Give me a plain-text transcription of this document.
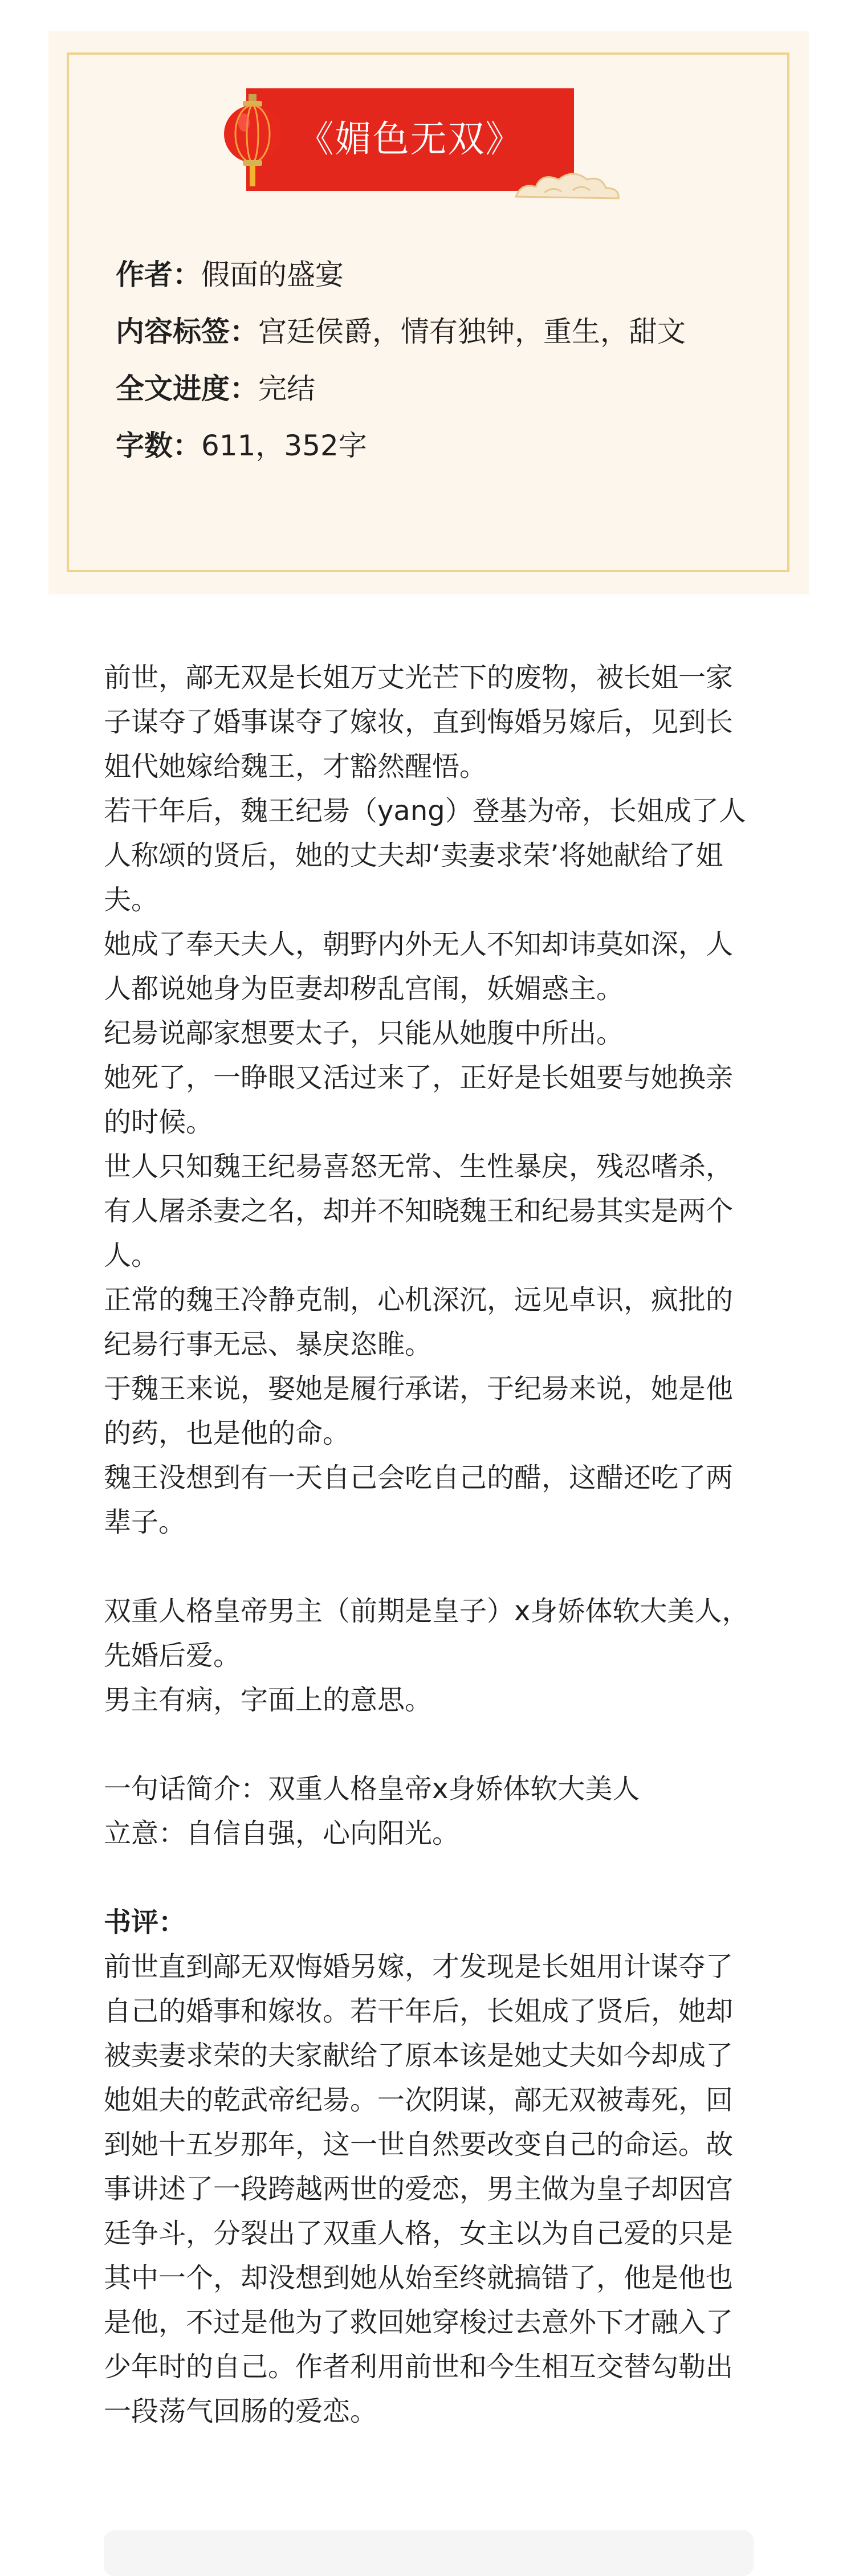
《媚色无双》
作者：假面的盛宴
内容标签：宫廷侯爵，情有独钟，重生，甜文
全文进度：完结
字数：611，352字

前世，鄗无双是长姐万丈光芒下的废物，被长姐一家子谋夺了婚事谋夺了嫁妆，直到悔婚另嫁后，见到长姐代她嫁给魏王，才豁然醒悟。

若干年后，魏王纪昜（yang）登基为帝，长姐成了人人称颂的贤后，她的丈夫却‘卖妻求荣’将她献给了姐夫。

她成了奉天夫人，朝野内外无人不知却讳莫如深，人人都说她身为臣妻却秽乱宫闱，妖媚惑主。

纪昜说鄗家想要太子，只能从她腹中所出。

她死了，一睁眼又活过来了，正好是长姐要与她换亲的时候。

世人只知魏王纪昜喜怒无常、生性暴戾，残忍嗜杀，有人屠杀妻之名，却并不知晓魏王和纪昜其实是两个人。

正常的魏王冷静克制，心机深沉，远见卓识，疯批的纪昜行事无忌、暴戾恣睢。

于魏王来说，娶她是履行承诺，于纪昜来说，她是他的药，也是他的命。

魏王没想到有一天自己会吃自己的醋，这醋还吃了两辈子。

双重人格皇帝男主（前期是皇子）x身娇体软大美人，先婚后爱。

男主有病，字面上的意思。

一句话简介：双重人格皇帝x身娇体软大美人

立意：自信自强，心向阳光。

书评：

前世直到鄗无双悔婚另嫁，才发现是长姐用计谋夺了自己的婚事和嫁妆。若干年后，长姐成了贤后，她却被卖妻求荣的夫家献给了原本该是她丈夫如今却成了她姐夫的乾武帝纪昜。一次阴谋，鄗无双被毒死，回到她十五岁那年，这一世自然要改变自己的命运。故事讲述了一段跨越两世的爱恋，男主做为皇子却因宫廷争斗，分裂出了双重人格，女主以为自己爱的只是其中一个，却没想到她从始至终就搞错了，他是他也是他，不过是他为了救回她穿梭过去意外下才融入了少年时的自己。作者利用前世和今生相互交替勾勒出一段荡气回肠的爱恋。
